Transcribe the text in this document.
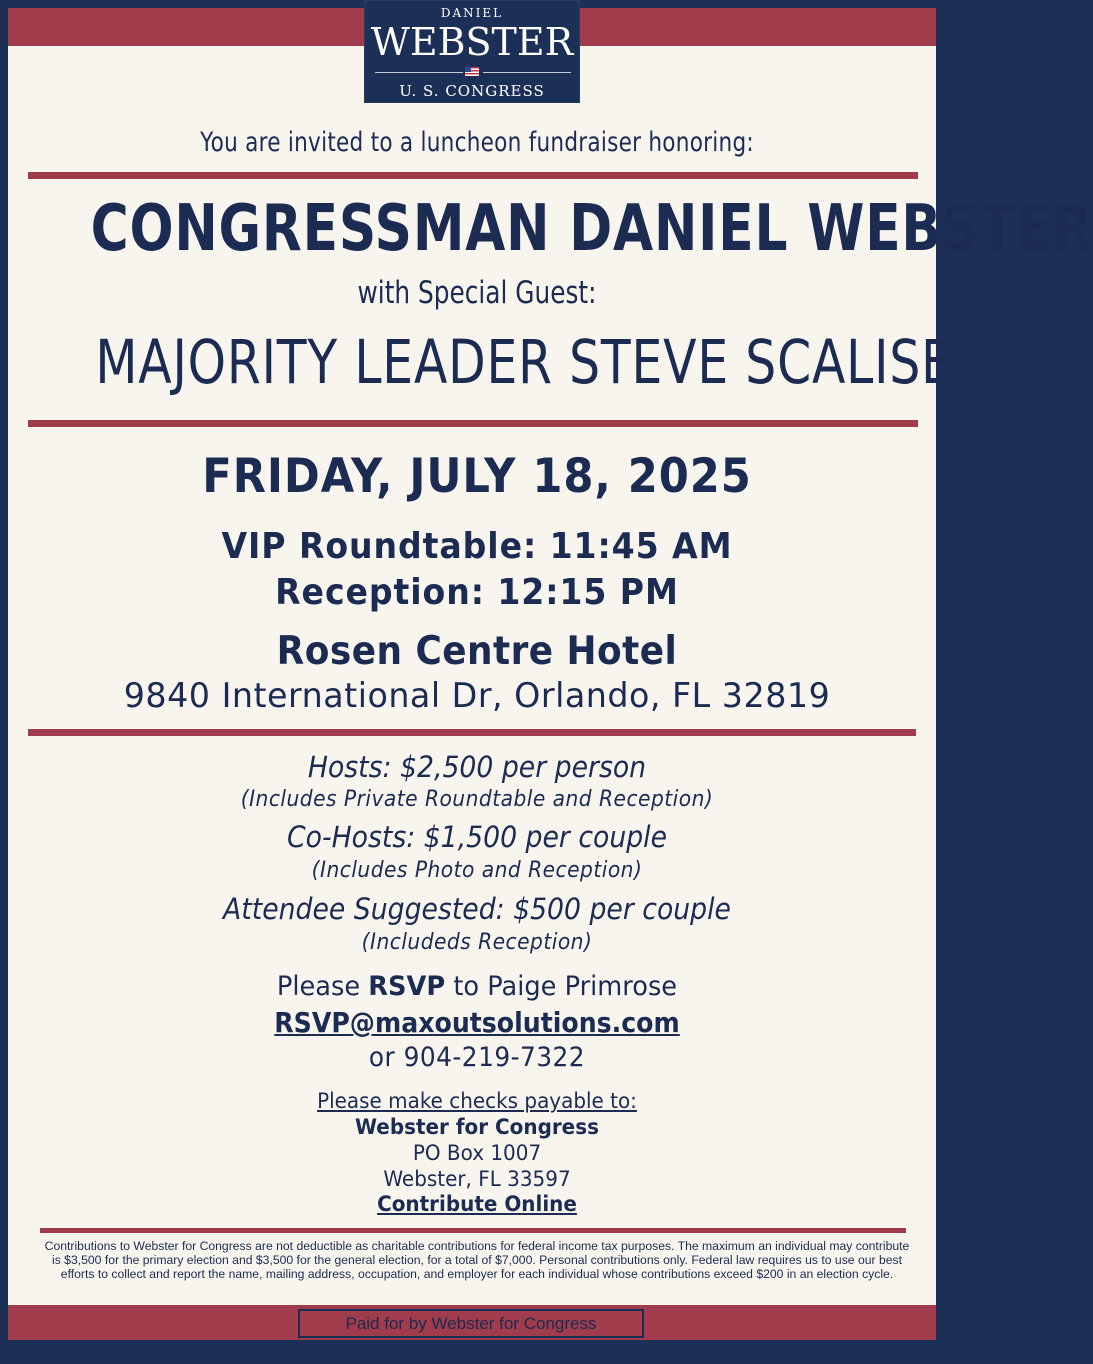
DANIEL
WEBSTER
U. S. CONGRESS
You are invited to a luncheon fundraiser honoring:
CONGRESSMAN DANIEL WEBSTER
with Special Guest:
MAJORITY LEADER STEVE SCALISE
FRIDAY, JULY 18, 2025
VIP Roundtable: 11:45 AM
Reception: 12:15 PM
Rosen Centre Hotel
9840 International Dr, Orlando, FL 32819
Hosts: $2,500 per person
(Includes Private Roundtable and Reception)
Co-Hosts: $1,500 per couple
(Includes Photo and Reception)
Attendee Suggested: $500 per couple
(Includeds Reception)
Please RSVP to Paige Primrose
RSVP@maxoutsolutions.com
or 904-219-7322
Please make checks payable to:
Webster for Congress
PO Box 1007
Webster, FL 33597
Contribute Online
Contributions to Webster for Congress are not deductible as charitable contributions for federal income tax purposes. The maximum an individual may contribute is $3,500 for the primary election and $3,500 for the general election, for a total of $7,000. Personal contributions only. Federal law requires us to use our best efforts to collect and report the name, mailing address, occupation, and employer for each individual whose contributions exceed $200 in an election cycle.
Paid for by Webster for Congress
